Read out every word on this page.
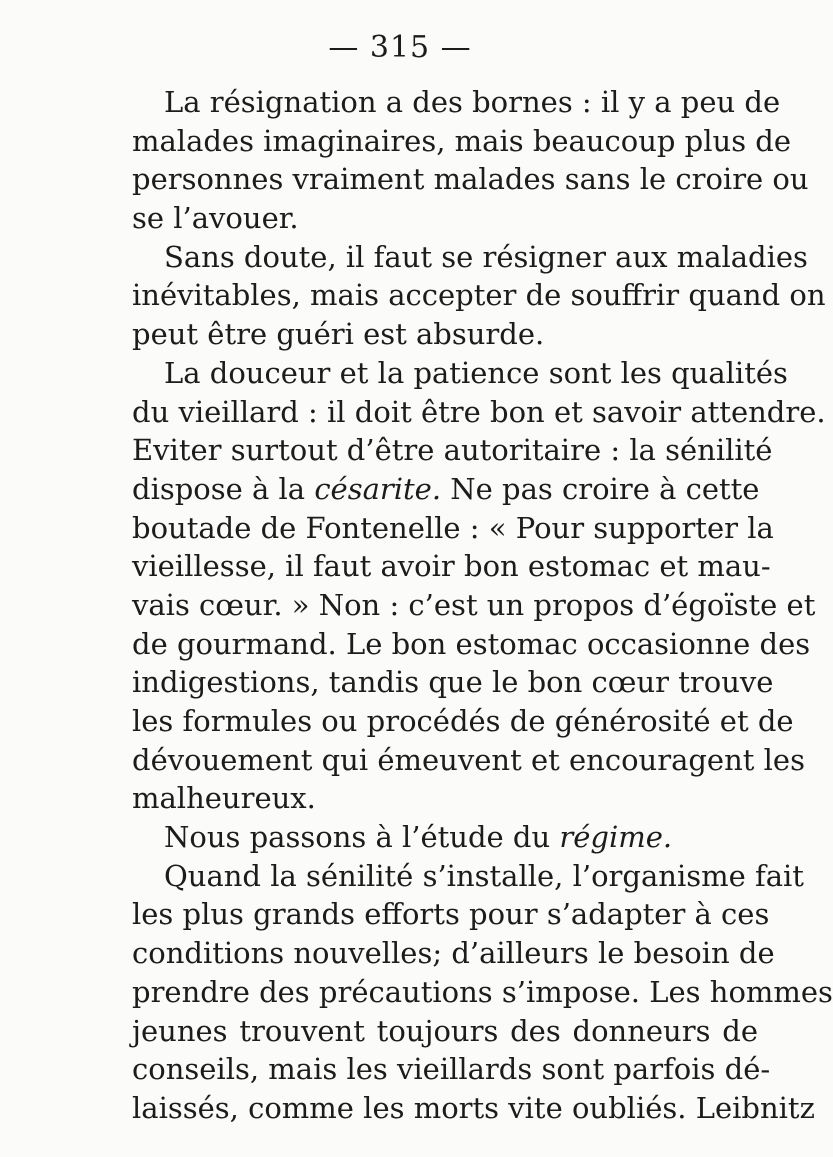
— 315 —
La résignation a des bornes : il y a peu de
malades imaginaires, mais beaucoup plus de
personnes vraiment malades sans le croire ou
se l’avouer.
Sans doute, il faut se résigner aux maladies
inévitables, mais accepter de souffrir quand on
peut être guéri est absurde.
La douceur et la patience sont les qualités
du vieillard : il doit être bon et savoir attendre.
Eviter surtout d’être autoritaire : la sénilité
dispose à la césarite. Ne pas croire à cette
boutade de Fontenelle : « Pour supporter la
vieillesse, il faut avoir bon estomac et mau-
vais cœur. » Non : c’est un propos d’égoïste et
de gourmand. Le bon estomac occasionne des
indigestions, tandis que le bon cœur trouve
les formules ou procédés de générosité et de
dévouement qui émeuvent et encouragent les
malheureux.
Nous passons à l’étude du régime.
Quand la sénilité s’installe, l’organisme fait
les plus grands efforts pour s’adapter à ces
conditions nouvelles; d’ailleurs le besoin de
prendre des précautions s’impose. Les hommes
jeunes trouvent toujours des donneurs de
conseils, mais les vieillards sont parfois dé-
laissés, comme les morts vite oubliés. Leibnitz
